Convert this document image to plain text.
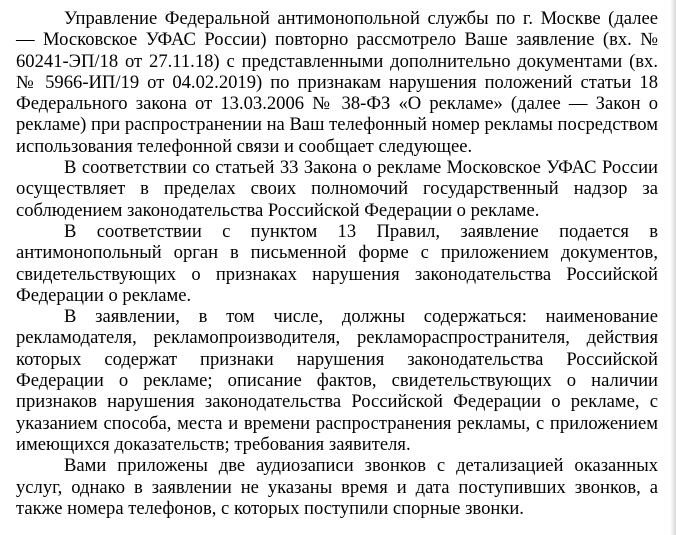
Управление Федеральной антимонопольной службы по г. Москве (далее — Московское УФАС России) повторно рассмотрело Ваше заявление (вх. № 60241-ЭП/18 от 27.11.18) с представленными дополнительно документами (вх. № 5966-ИП/19 от 04.02.2019) по признакам нарушения положений статьи 18 Федерального закона от 13.03.2006 № 38-ФЗ «О рекламе» (далее — Закон о рекламе) при распространении на Ваш телефонный номер рекламы посредством использования телефонной связи и сообщает следующее.

В соответствии со статьей 33 Закона о рекламе Московское УФАС России осуществляет в пределах своих полномочий государственный надзор за соблюдением законодательства Российской Федерации о рекламе.

В соответствии с пунктом 13 Правил, заявление подается в антимонопольный орган в письменной форме с приложением документов, свидетельствующих о признаках нарушения законодательства Российской Федерации о рекламе.

В заявлении, в том числе, должны содержаться: наименование рекламодателя, рекламопроизводителя, рекламораспространителя, действия которых содержат признаки нарушения законодательства Российской Федерации о рекламе; описание фактов, свидетельствующих о наличии признаков нарушения законодательства Российской Федерации о рекламе, с указанием способа, места и времени распространения рекламы, с приложением имеющихся доказательств; требования заявителя.

Вами приложены две аудиозаписи звонков с детализацией оказанных услуг, однако в заявлении не указаны время и дата поступивших звонков, а также номера телефонов, с которых поступили спорные звонки.
